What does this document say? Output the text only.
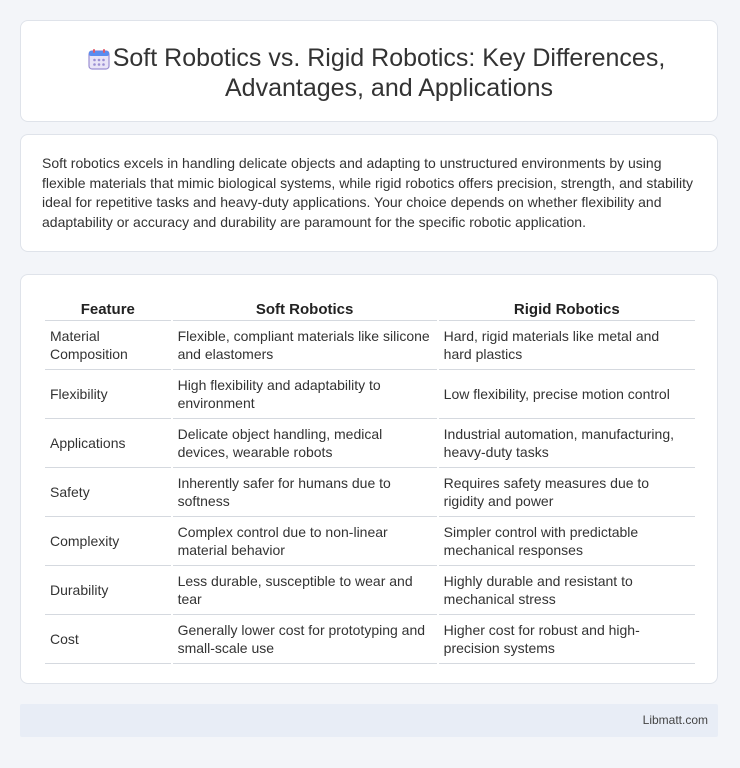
Soft Robotics vs. Rigid Robotics: Key Differences, Advantages, and Applications

Soft robotics excels in handling delicate objects and adapting to unstructured environments by using flexible materials that mimic biological systems, while rigid robotics offers precision, strength, and stability ideal for repetitive tasks and heavy-duty applications. Your choice depends on whether flexibility and adaptability or accuracy and durability are paramount for the specific robotic application.

Feature	Soft Robotics	Rigid Robotics
Material Composition	Flexible, compliant materials like silicone and elastomers	Hard, rigid materials like metal and hard plastics
Flexibility	High flexibility and adaptability to environment	Low flexibility, precise motion control
Applications	Delicate object handling, medical devices, wearable robots	Industrial automation, manufacturing, heavy-duty tasks
Safety	Inherently safer for humans due to softness	Requires safety measures due to rigidity and power
Complexity	Complex control due to non-linear material behavior	Simpler control with predictable mechanical responses
Durability	Less durable, susceptible to wear and tear	Highly durable and resistant to mechanical stress
Cost	Generally lower cost for prototyping and small-scale use	Higher cost for robust and high-precision systems
Libmatt.com
